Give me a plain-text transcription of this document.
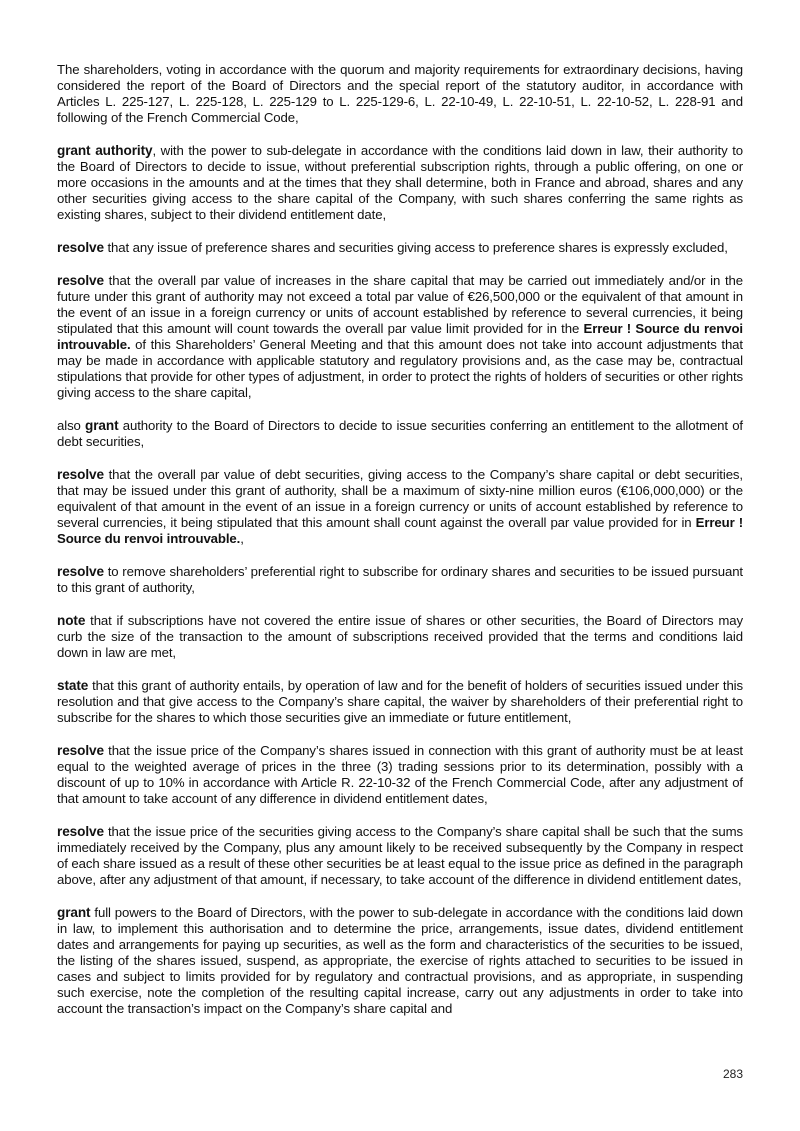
The shareholders, voting in accordance with the quorum and majority requirements for extraordinary decisions, having considered the report of the Board of Directors and the special report of the statutory auditor, in accordance with Articles L. 225-127, L. 225-128, L. 225-129 to L. 225-129-6, L. 22-10-49, L. 22-10-51, L. 22-10-52, L. 228-91 and following of the French Commercial Code,

grant authority, with the power to sub-delegate in accordance with the conditions laid down in law, their authority to the Board of Directors to decide to issue, without preferential subscription rights, through a public offering, on one or more occasions in the amounts and at the times that they shall determine, both in France and abroad, shares and any other securities giving access to the share capital of the Company, with such shares conferring the same rights as existing shares, subject to their dividend entitlement date,

resolve that any issue of preference shares and securities giving access to preference shares is expressly excluded,

resolve that the overall par value of increases in the share capital that may be carried out immediately and/or in the future under this grant of authority may not exceed a total par value of €26,500,000 or the equivalent of that amount in the event of an issue in a foreign currency or units of account established by reference to several currencies, it being stipulated that this amount will count towards the overall par value limit provided for in the Erreur ! Source du renvoi introuvable. of this Shareholders’ General Meeting and that this amount does not take into account adjustments that may be made in accordance with applicable statutory and regulatory provisions and, as the case may be, contractual stipulations that provide for other types of adjustment, in order to protect the rights of holders of securities or other rights giving access to the share capital,

also grant authority to the Board of Directors to decide to issue securities conferring an entitlement to the allotment of debt securities,

resolve that the overall par value of debt securities, giving access to the Company’s share capital or debt securities, that may be issued under this grant of authority, shall be a maximum of sixty-nine million euros (€106,000,000) or the equivalent of that amount in the event of an issue in a foreign currency or units of account established by reference to several currencies, it being stipulated that this amount shall count against the overall par value provided for in Erreur ! Source du renvoi introuvable.,

resolve to remove shareholders’ preferential right to subscribe for ordinary shares and securities to be issued pursuant to this grant of authority,

note that if subscriptions have not covered the entire issue of shares or other securities, the Board of Directors may curb the size of the transaction to the amount of subscriptions received provided that the terms and conditions laid down in law are met,

state that this grant of authority entails, by operation of law and for the benefit of holders of securities issued under this resolution and that give access to the Company’s share capital, the waiver by shareholders of their preferential right to subscribe for the shares to which those securities give an immediate or future entitlement,

resolve that the issue price of the Company’s shares issued in connection with this grant of authority must be at least equal to the weighted average of prices in the three (3) trading sessions prior to its determination, possibly with a discount of up to 10% in accordance with Article R. 22-10-32 of the French Commercial Code, after any adjustment of that amount to take account of any difference in dividend entitlement dates,

resolve that the issue price of the securities giving access to the Company’s share capital shall be such that the sums immediately received by the Company, plus any amount likely to be received subsequently by the Company in respect of each share issued as a result of these other securities be at least equal to the issue price as defined in the paragraph above, after any adjustment of that amount, if necessary, to take account of the difference in dividend entitlement dates,

grant full powers to the Board of Directors, with the power to sub-delegate in accordance with the conditions laid down in law, to implement this authorisation and to determine the price, arrangements, issue dates, dividend entitlement dates and arrangements for paying up securities, as well as the form and characteristics of the securities to be issued, the listing of the shares issued, suspend, as appropriate, the exercise of rights attached to securities to be issued in cases and subject to limits provided for by regulatory and contractual provisions, and as appropriate, in suspending such exercise, note the completion of the resulting capital increase, carry out any adjustments in order to take into account the transaction’s impact on the Company’s share capital and

283
